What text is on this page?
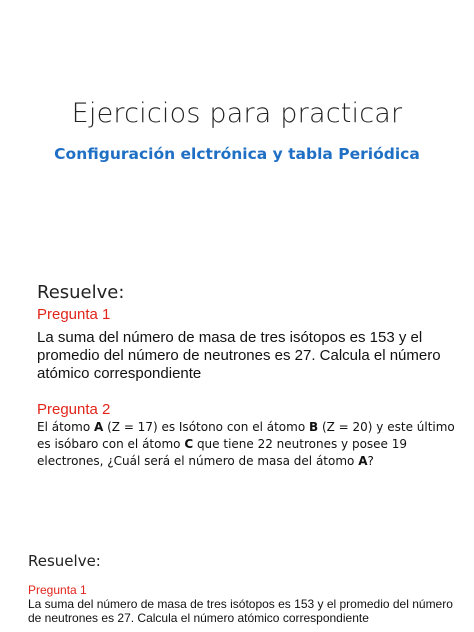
Ejercicios para practicar
Configuración elctrónica y tabla Periódica
Resuelve:
Pregunta 1

La suma del número de masa de tres isótopos es 153 y el promedio del número de neutrones es 27. Calcula el número atómico correspondiente

Pregunta 2

El átomo A (Z = 17) es Isótono con el átomo B (Z = 20) y este último es isóbaro con el átomo C que tiene 22 neutrones y posee 19 electrones, ¿Cuál será el número de masa del átomo A?

Resuelve:
Pregunta 1

La suma del número de masa de tres isótopos es 153 y el promedio del número de neutrones es 27. Calcula el número atómico correspondiente
